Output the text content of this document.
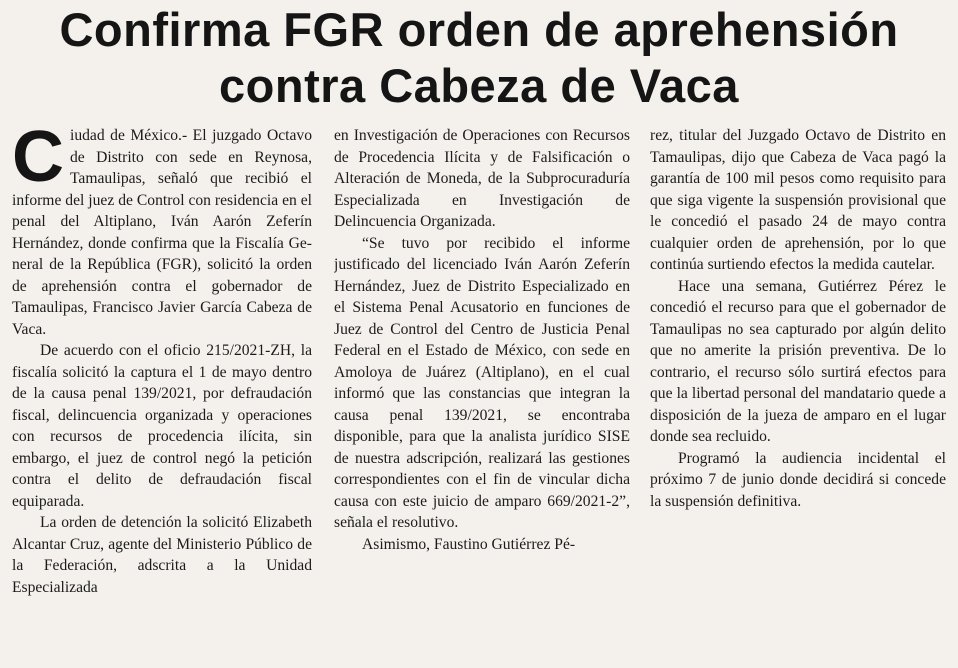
Confirma FGR orden de aprehensión
contra Cabeza de Vaca
C iudad de México.- El juzgado Octavo de Distrito con sede en Reynosa, Tamaulipas, señaló que recibió el informe del juez de Control con residencia en el penal del Altiplano, Iván Aarón Zeferín Hernández, donde confirma que la Fiscalía General de la República (FGR), solicitó la orden de aprehensión contra el gobernador de Tamaulipas, Francisco Javier García Cabeza de Vaca.

De acuerdo con el oficio 215/2021-ZH, la fiscalía solicitó la captura el 1 de mayo dentro de la causa penal 139/2021, por defraudación fiscal, delincuencia organizada y operaciones con recursos de procedencia ilícita, sin embargo, el juez de control negó la petición contra el delito de defraudación fiscal equiparada.

La orden de detención la solicitó Elizabeth Alcantar Cruz, agente del Ministerio Público de la Federación, adscrita a la Unidad Especializada

en Investigación de Operaciones con Recursos de Procedencia Ilícita y de Falsificación o Alteración de Moneda, de la Subprocuraduría Especializada en Investigación de Delincuencia Organizada.

“Se tuvo por recibido el informe justificado del licenciado Iván Aarón Zeferín Hernández, Juez de Distrito Especializado en el Sistema Penal Acusatorio en funciones de Juez de Control del Centro de Justicia Penal Federal en el Estado de México, con sede en Amoloya de Juárez (Altiplano), en el cual informó que las constancias que integran la causa penal 139/2021, se encontraba disponible, para que la analista jurídico SISE de nuestra adscripción, realizará las gestiones correspondientes con el fin de vincular dicha causa con este juicio de amparo 669/2021-2”, señala el resolutivo.

Asimismo, Faustino Gutiérrez Pé-

rez, titular del Juzgado Octavo de Distrito en Tamaulipas, dijo que Cabeza de Vaca pagó la garantía de 100 mil pesos como requisito para que siga vigente la suspensión provisional que le concedió el pasado 24 de mayo contra cualquier orden de aprehensión, por lo que continúa surtiendo efectos la medida cautelar.

Hace una semana, Gutiérrez Pérez le concedió el recurso para que el gobernador de Tamaulipas no sea capturado por algún delito que no amerite la prisión preventiva. De lo contrario, el recurso sólo surtirá efectos para que la libertad personal del mandatario quede a disposición de la jueza de amparo en el lugar donde sea recluido.

Programó la audiencia incidental el próximo 7 de junio donde decidirá si concede la suspensión definitiva.
